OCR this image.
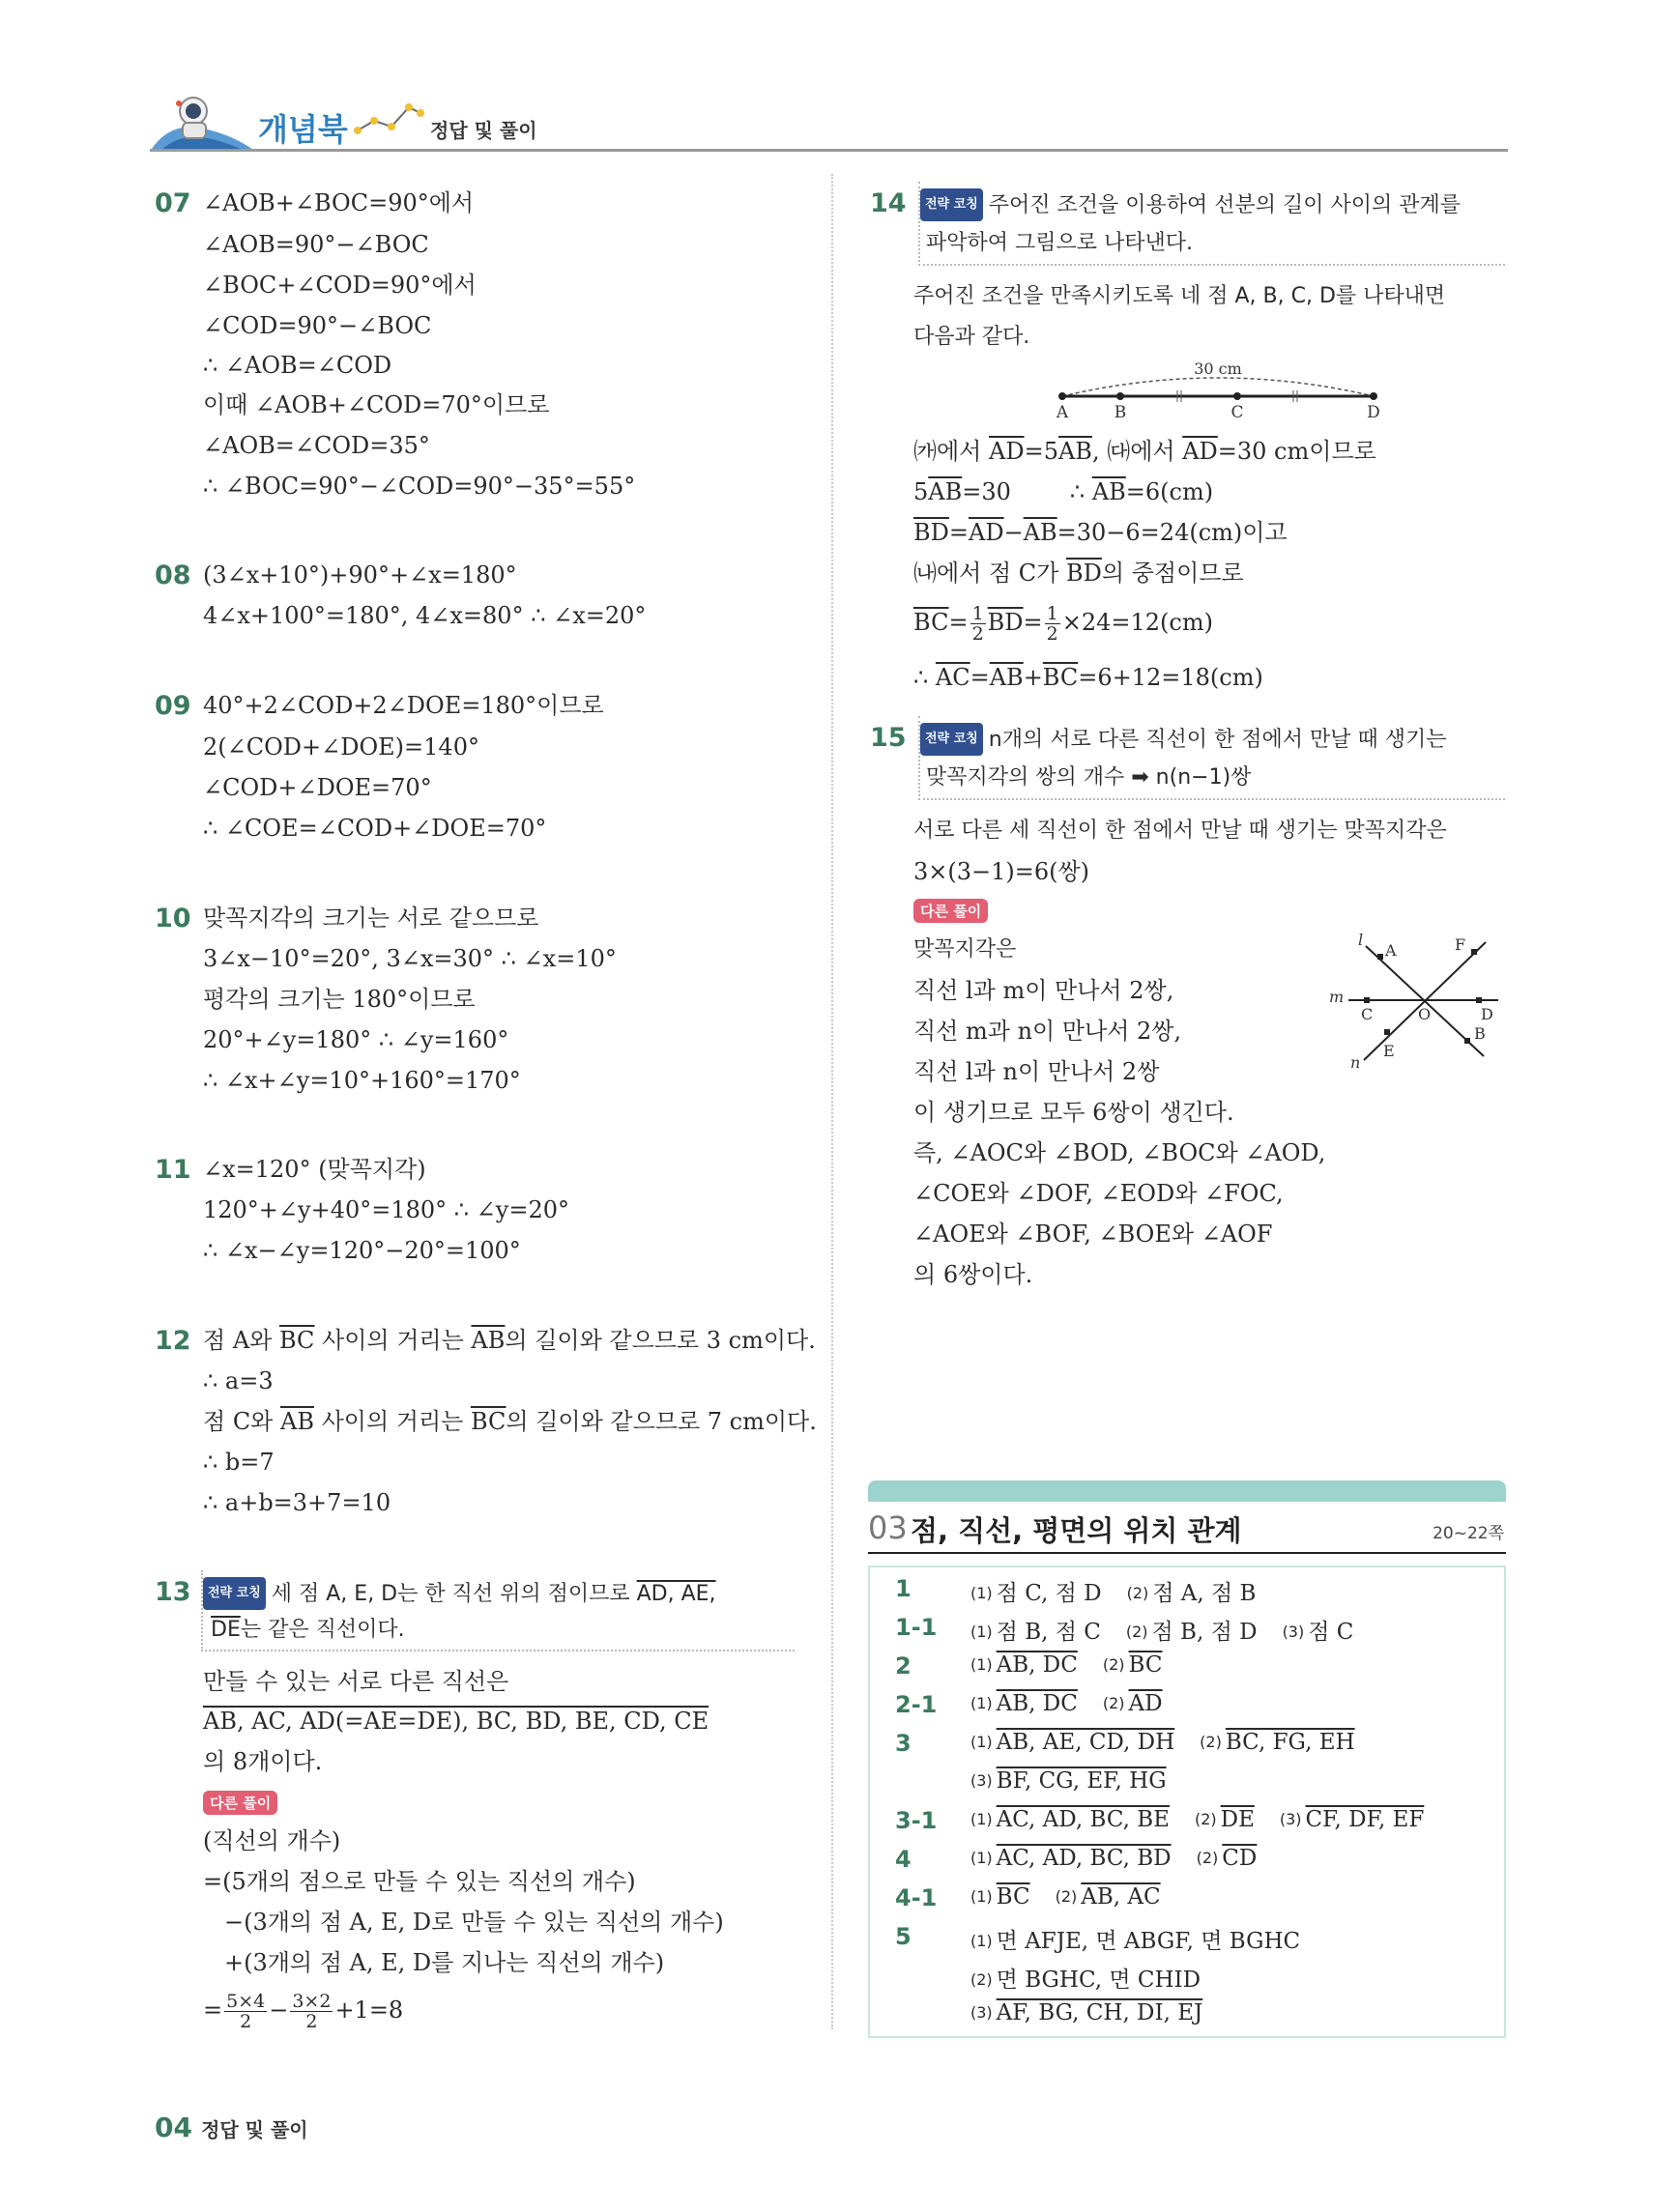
개념북	정답 및 풀이
07 ∠AOB+∠BOC=90°에서
∠AOB=90°−∠BOC
∠BOC+∠COD=90°에서
∠COD=90°−∠BOC
∴ ∠AOB=∠COD
이때 ∠AOB+∠COD=70°이므로
∠AOB=∠COD=35°
∴ ∠BOC=90°−∠COD=90°−35°=55°
08 (3∠x+10°)+90°+∠x=180°
4∠x+100°=180°, 4∠x=80° ∴ ∠x=20°
09 40°+2∠COD+2∠DOE=180°이므로
2(∠COD+∠DOE)=140°
∠COD+∠DOE=70°
∴ ∠COE=∠COD+∠DOE=70°
10 맞꼭지각의 크기는 서로 같으므로
3∠x−10°=20°, 3∠x=30° ∴ ∠x=10°
평각의 크기는 180°이므로
20°+∠y=180° ∴ ∠y=160°
∴ ∠x+∠y=10°+160°=170°
11 ∠x=120° (맞꼭지각)
120°+∠y+40°=180° ∴ ∠y=20°
∴ ∠x−∠y=120°−20°=100°
12 점 A와 $\overline{BC}$ 사이의 거리는 $\overline{AB}$의 길이와 같으므로 3 cm이다.
∴ a=3
점 C와 $\overline{AB}$ 사이의 거리는 $\overline{BC}$의 길이와 같으므로 7 cm이다.
∴ b=7
∴ a+b=3+7=10
13	전략 코칭 세 점 A, E, D는 한 직선 위의 점이므로 AD, AE,
$\overline{DE}$는 같은 직선이다.
만들 수 있는 서로 다른 직선은
AB, AC, AD(=AE=DE), BC, BD, BE, CD, CE
의 8개이다.
다른 풀이
(직선의 개수)
=(5개의 점으로 만들 수 있는 직선의 개수)
−(3개의 점 A, E, D로 만들 수 있는 직선의 개수)
+(3개의 점 A, E, D를 지나는 직선의 개수)
= $\frac{5\times 4}{2} - \frac{3\times 2}{2} +1=8$
14	전략 코칭 주어진 조건을 이용하여 선분의 길이 사이의 관계를
파악하여 그림으로 나타낸다.
주어진 조건을 만족시키도록 네 점 A, B, C, D를 나타내면
다음과 같다.
30 cm
A	B	C	D
㈎에서 $\overline{AD}=5\overline{AB}$, ㈐에서 $\overline{AD}=30$ cm이므로
$5\overline{AB}=30$        ∴ $\overline{AB}=6(cm)$
$\overline{BD}=\overline{AD}-\overline{AB}=30-6=24(cm)$이고
㈏에서 점 C가 $\overline{BD}$의 중점이므로
$\overline{BC}= \frac{1}{2} \overline{BD}= \frac{1}{2} \times 24=12(cm)$
∴ $\overline{AC}=\overline{AB}+\overline{BC}=6+12=18(cm)$
15	전략 코칭 n개의 서로 다른 직선이 한 점에서 만날 때 생기는
맞꼭지각의 쌍의 개수 ➡ n(n−1)쌍
서로 다른 세 직선이 한 점에서 만날 때 생기는 맞꼭지각은
3×(3−1)=6(쌍)
다른 풀이
맞꼭지각은
직선 l과 m이 만나서 2쌍,
직선 m과 n이 만나서 2쌍,
직선 l과 n이 만나서 2쌍
이 생기므로 모두 6쌍이 생긴다.
즉, ∠AOC와 ∠BOD, ∠BOC와 ∠AOD,
∠COE와 ∠DOF, ∠EOD와 ∠FOC,
∠AOE와 ∠BOF, ∠BOE와 ∠AOF
의 6쌍이다.
l
A	F
m
C	O	D
B
E
n
03 점, 직선, 평면의 위치 관계	20~22쪽
1	(1) 점 C, 점 D (2) 점 A, 점 B
1-1 (1) 점 B, 점 C (2) 점 B, 점 D (3) 점 C
2	(1) AB, DC (2) $\overline{BC}$
2-1 (1) AB, DC (2) $\overline{AD}$
3	(1) AB, AE, CD, DH (2) BC, FG, EH
(3) BF, CG, EF, HG
3-1 (1) AC, AD, BC, BE (2) $\overline{DE}$ (3) CF, DF, EF
4	(1) AC, AD, BC, BD (2) $\overline{CD}$
4-1 (1) $\overline{BC}$ (2) AB, AC
5	(1) 면 AFJE, 면 ABGF, 면 BGHC
(2) 면 BGHC, 면 CHID
(3) AF, BG, CH, DI, EJ
04 정답 및 풀이
